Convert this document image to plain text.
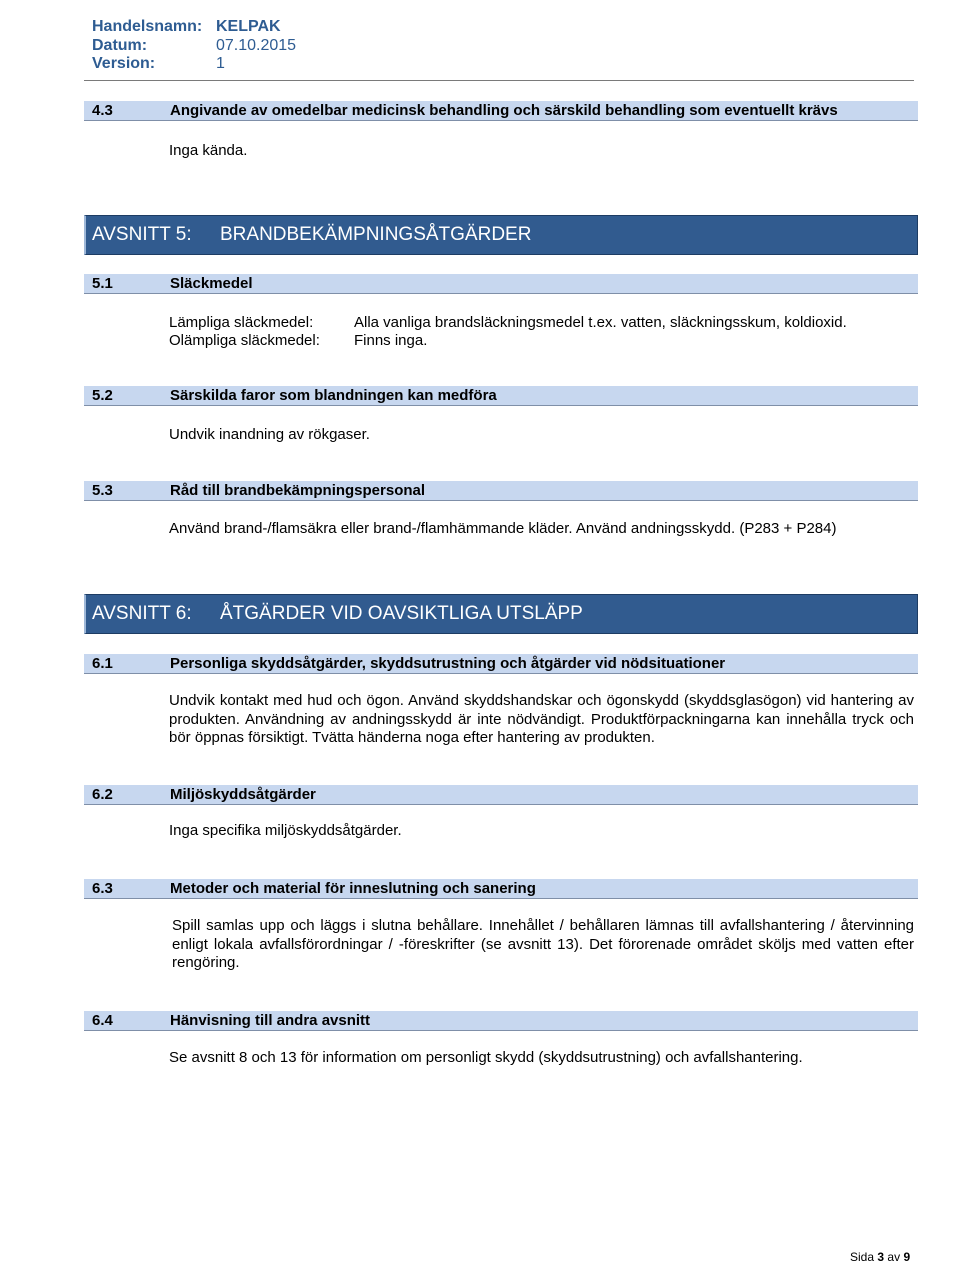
Handelsnamn: KELPAK
Datum:	07.10.2015
Version:	1
4.3	Angivande av omedelbar medicinsk behandling och särskild behandling som eventuellt krävs
Inga kända.
AVSNITT 5: BRANDBEKÄMPNINGSÅTGÄRDER
5.1	Släckmedel
Lämpliga släckmedel:	Alla vanliga brandsläckningsmedel t.ex. vatten, släckningsskum, koldioxid.
Olämpliga släckmedel: Finns inga.
5.2	Särskilda faror som blandningen kan medföra
Undvik inandning av rökgaser.
5.3	Råd till brandbekämpningspersonal
Använd brand-/flamsäkra eller brand-/flamhämmande kläder. Använd andningsskydd. (P283 + P284)
AVSNITT 6: ÅTGÄRDER VID OAVSIKTLIGA UTSLÄPP
6.1	Personliga skyddsåtgärder, skyddsutrustning och åtgärder vid nödsituationer
Undvik kontakt med hud och ögon. Använd skyddshandskar och ögonskydd (skyddsglasögon) vid hantering av produkten. Användning av andningsskydd är inte nödvändigt. Produktförpackningarna kan innehålla tryck och bör öppnas försiktigt. Tvätta händerna noga efter hantering av produkten.
6.2	Miljöskyddsåtgärder
Inga specifika miljöskyddsåtgärder.
6.3	Metoder och material för inneslutning och sanering
Spill samlas upp och läggs i slutna behållare. Innehållet / behållaren lämnas till avfallshantering / återvinning enligt lokala avfallsförordningar / -föreskrifter (se avsnitt 13). Det förorenade området sköljs med vatten efter rengöring.
6.4	Hänvisning till andra avsnitt
Se avsnitt 8 och 13 för information om personligt skydd (skyddsutrustning) och avfallshantering.
Sida 3 av 9
